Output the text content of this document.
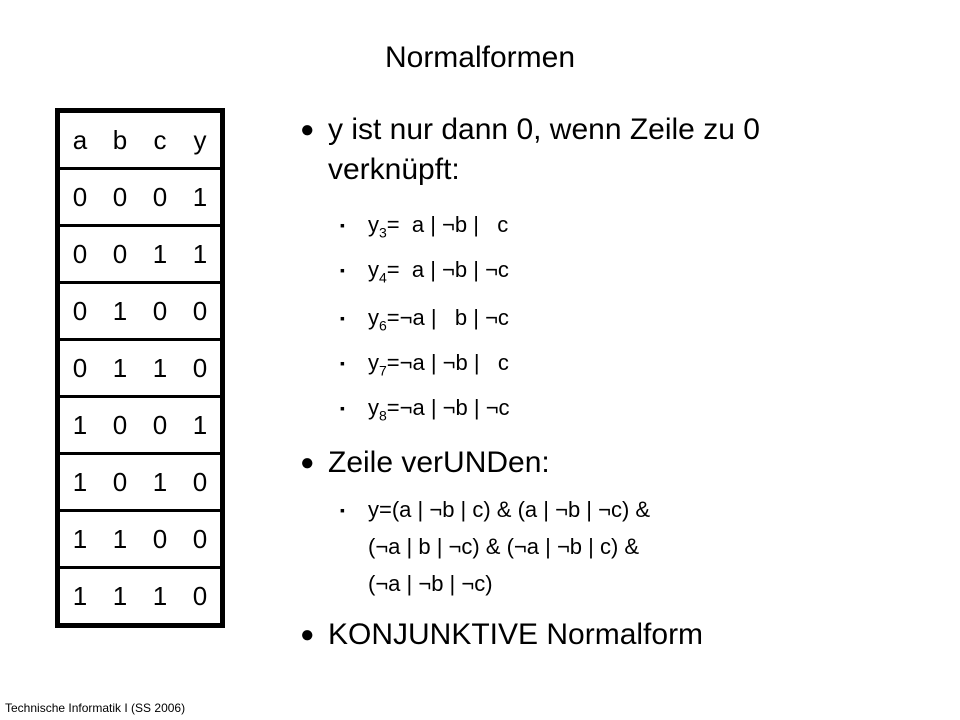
Normalformen
a	b	c	y
0	0	0	1
0	0	1	1
0	1	0	0
0	1	1	0
1	0	0	1
1	0	1	0
1	1	0	0
1	1	1	0
● y ist nur dann 0, wenn Zeile zu 0
verknüpft:
▪ $y_3= a$ | ¬b |   c
▪ $y_4= a$ | ¬b | ¬c
▪ $y_6=\neg a$ |   b | ¬c
▪ $y_7=\neg a$ | ¬b |   c
▪ $y_8=\neg a$ | ¬b | ¬c
● Zeile verUNDen:
▪ y=(a | ¬b | c) & (a | ¬b | ¬c) &
(¬a | b | ¬c) & (¬a | ¬b | c) &
(¬a | ¬b | ¬c)
● KONJUNKTIVE Normalform
Technische Informatik I (SS 2006)
